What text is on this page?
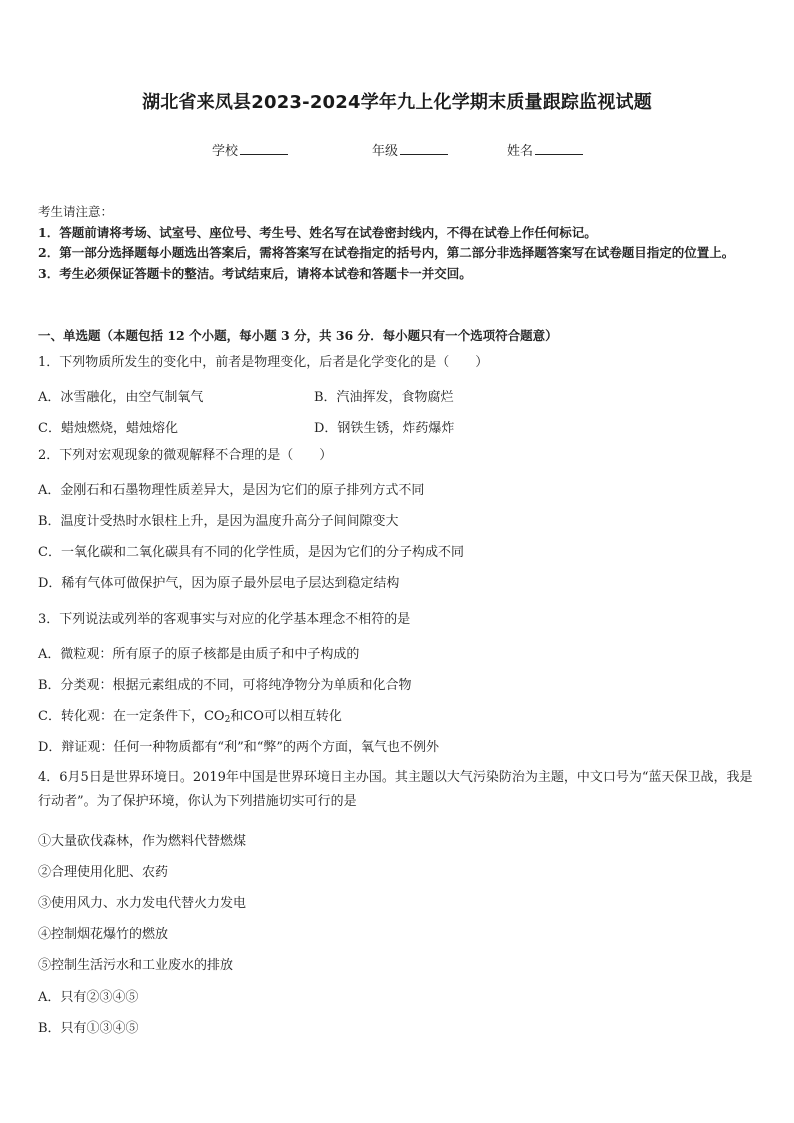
湖北省来凤县2023-2024学年九上化学期末质量跟踪监视试题
学校	年级	姓名
考生请注意：
1．答题前请将考场、试室号、座位号、考生号、姓名写在试卷密封线内，不得在试卷上作任何标记。
2．第一部分选择题每小题选出答案后，需将答案写在试卷指定的括号内，第二部分非选择题答案写在试卷题目指定的位置上。
3．考生必须保证答题卡的整洁。考试结束后，请将本试卷和答题卡一并交回。
一、单选题（本题包括 12 个小题，每小题 3 分，共 36 分．每小题只有一个选项符合题意）
1．下列物质所发生的变化中，前者是物理变化，后者是化学变化的是（　　）
A．冰雪融化，由空气制氧气	B．汽油挥发，食物腐烂
C．蜡烛燃烧，蜡烛熔化	D．钢铁生锈，炸药爆炸
2．下列对宏观现象的微观解释不合理的是（　　）
A．金刚石和石墨物理性质差异大，是因为它们的原子排列方式不同
B．温度计受热时水银柱上升，是因为温度升高分子间间隙变大
C．一氧化碳和二氧化碳具有不同的化学性质，是因为它们的分子构成不同
D．稀有气体可做保护气，因为原子最外层电子层达到稳定结构
3．下列说法或列举的客观事实与对应的化学基本理念不相符的是
A．微粒观：所有原子的原子核都是由质子和中子构成的
B．分类观：根据元素组成的不同，可将纯净物分为单质和化合物
C．转化观：在一定条件下，$CO_2$和CO可以相互转化
D．辩证观：任何一种物质都有“利”和“弊”的两个方面，氧气也不例外
4．6月5日是世界环境日。2019年中国是世界环境日主办国。其主题以大气污染防治为主题，中文口号为“蓝天保卫战，我是行动者”。为了保护环境，你认为下列措施切实可行的是
①大量砍伐森林，作为燃料代替燃煤
②合理使用化肥、农药
③使用风力、水力发电代替火力发电
④控制烟花爆竹的燃放
⑤控制生活污水和工业废水的排放
A．只有②③④⑤
B．只有①③④⑤
